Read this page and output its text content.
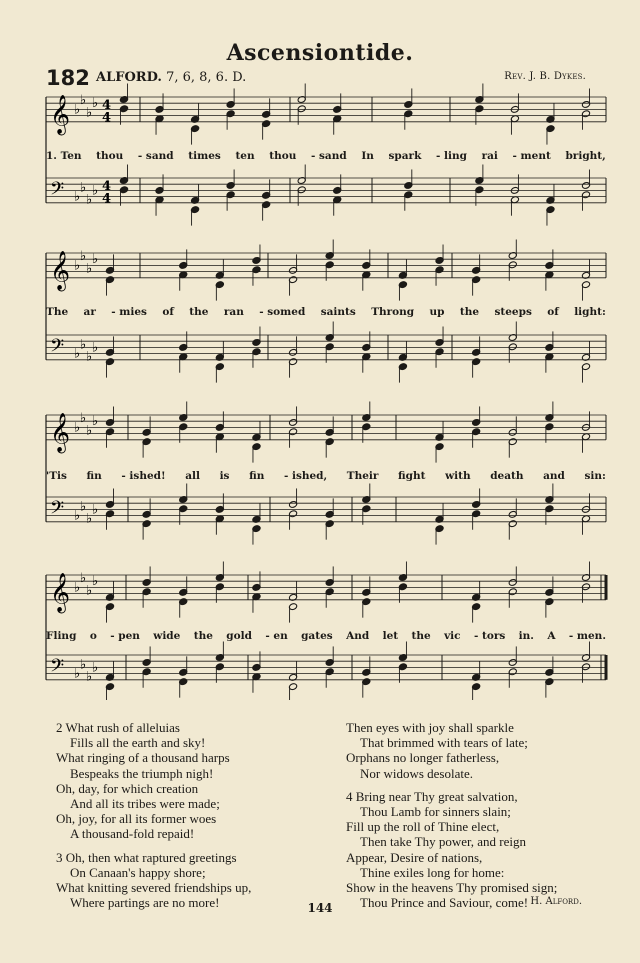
Ascensiontide.
182 ALFORD. 7, 6, 8, 6. D.	Rev. J. B. Dykes.
𝄞 ♭
♭
♭
♭ 4
4
𝄢 ♭
♭
♭
♭ 4
4
𝄞 ♭
♭
♭
♭
𝄢 ♭
♭
♭
♭
𝄞 ♭
♭
♭
♭
𝄢 ♭
♭
♭
♭
𝄞 ♭
♭
♭
♭
𝄢 ♭
♭
♭
♭
1. Ten thou - sand times ten thou - sand In spark - ling rai - ment bright,
The ar - mies of the ran - somed saints Throng up the steeps of light:
'Tis fin - ished! all is fin - ished, Their fight with death and sin:
Fling o - pen wide the gold - en gates And let the vic - tors in. A - men.
2 What rush of alleluias
Fills all the earth and sky!
What ringing of a thousand harps
Bespeaks the triumph nigh!
Oh, day, for which creation
And all its tribes were made;
Oh, joy, for all its former woes
A thousand-fold repaid!
3 Oh, then what raptured greetings
On Canaan's happy shore;
What knitting severed friendships up,
Where partings are no more!
Then eyes with joy shall sparkle
That brimmed with tears of late;
Orphans no longer fatherless,
Nor widows desolate.
4 Bring near Thy great salvation,
Thou Lamb for sinners slain;
Fill up the roll of Thine elect,
Then take Thy power, and reign
Appear, Desire of nations,
Thine exiles long for home:
Show in the heavens Thy promised sign;
Thou Prince and Saviour, come! H. Alford.
144
